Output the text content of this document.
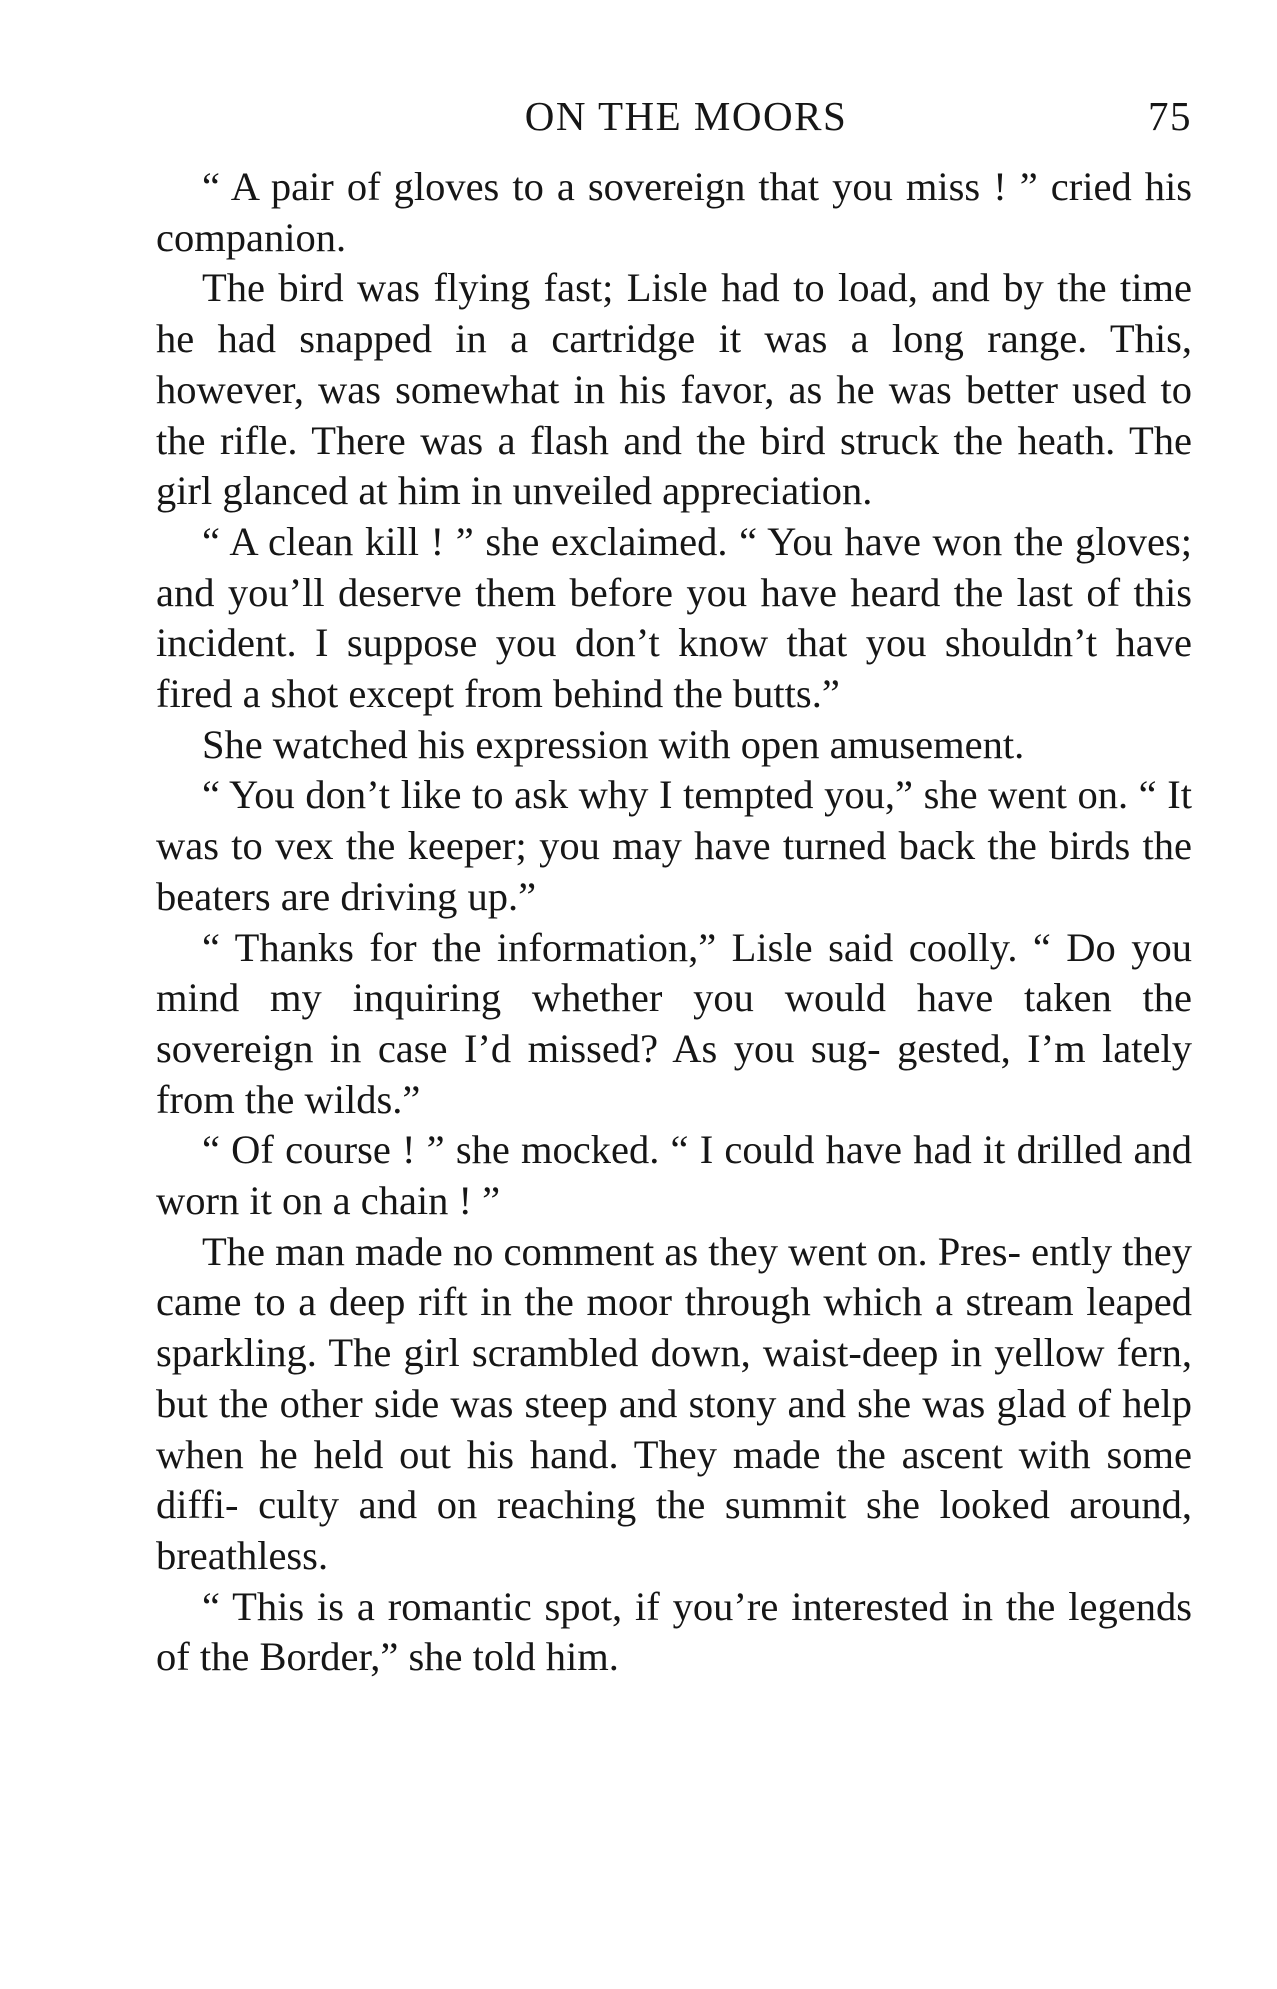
ON THE MOORS	75

“ A pair of gloves to a sovereign that you miss ! ” cried his companion.

The bird was flying fast; Lisle had to load, and by the time he had snapped in a cartridge it was a long range. This, however, was somewhat in his favor, as he was better used to the rifle. There was a flash and the bird struck the heath. The girl glanced at him in unveiled appreciation.

“ A clean kill ! ” she exclaimed. “ You have won the gloves; and you’ll deserve them before you have heard the last of this incident. I suppose you don’t know that you shouldn’t have fired a shot except from behind the butts.”

She watched his expression with open amusement.

“ You don’t like to ask why I tempted you,” she went on. “ It was to vex the keeper; you may have turned back the birds the beaters are driving up.”

“ Thanks for the information,” Lisle said coolly. “ Do you mind my inquiring whether you would have taken the sovereign in case I’d missed? As you sug- gested, I’m lately from the wilds.”

“ Of course ! ” she mocked. “ I could have had it drilled and worn it on a chain ! ”

The man made no comment as they went on. Pres- ently they came to a deep rift in the moor through which a stream leaped sparkling. The girl scrambled down, waist-deep in yellow fern, but the other side was steep and stony and she was glad of help when he held out his hand. They made the ascent with some diffi- culty and on reaching the summit she looked around, breathless.

“ This is a romantic spot, if you’re interested in the legends of the Border,” she told him.
